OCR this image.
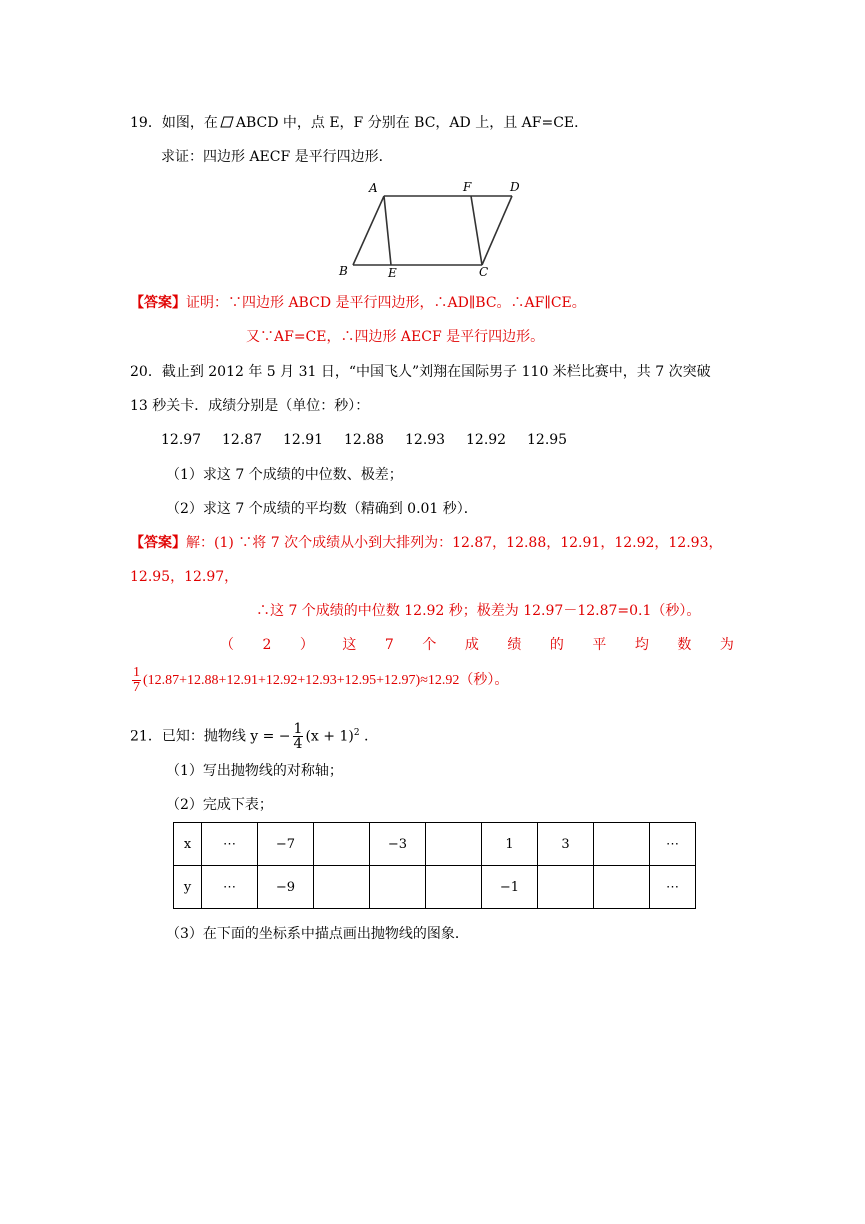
19．如图，在 ABCD 中，点 E，F 分别在 BC，AD 上，且 AF=CE．
求证：四边形 AECF 是平行四边形．
A	F	D
B	E	C
【答案】证明：∵四边形 ABCD 是平行四边形，∴AD∥BC。∴AF∥CE。
又∵AF=CE，∴四边形 AECF 是平行四边形。
20．截止到 2012 年 5 月 31 日，“中国飞人”刘翔在国际男子 110 米栏比赛中，共 7 次突破
13 秒关卡．成绩分别是（单位：秒）：
12.97 12.87 12.91 12.88 12.93 12.92 12.95
（1）求这 7 个成绩的中位数、极差；
（2）求这 7 个成绩的平均数（精确到 0.01 秒）．
【答案】解：(1) ∵将 7 次个成绩从小到大排列为：12.87，12.88，12.91，12.92，12.93，
12.95，12.97，
∴这 7 个成绩的中位数 12.92 秒；极差为 12.97－12.87=0.1（秒）。
（ 2 ） 这 7 个 成 绩 的 平 均 数 为
$\frac{1}{7} (12.87+12.88+12.91+12.92+12.93+12.95+12.97)\approx 12.92$（秒）。
21．已知：抛物线 y = − $\frac{1}{4} (x + 1)^2$ .
（1）写出抛物线的对称轴；
（2）完成下表；
x	⋯	−7		−3		1	3		⋯
y	⋯	−9				−1			⋯
（3）在下面的坐标系中描点画出抛物线的图象．
